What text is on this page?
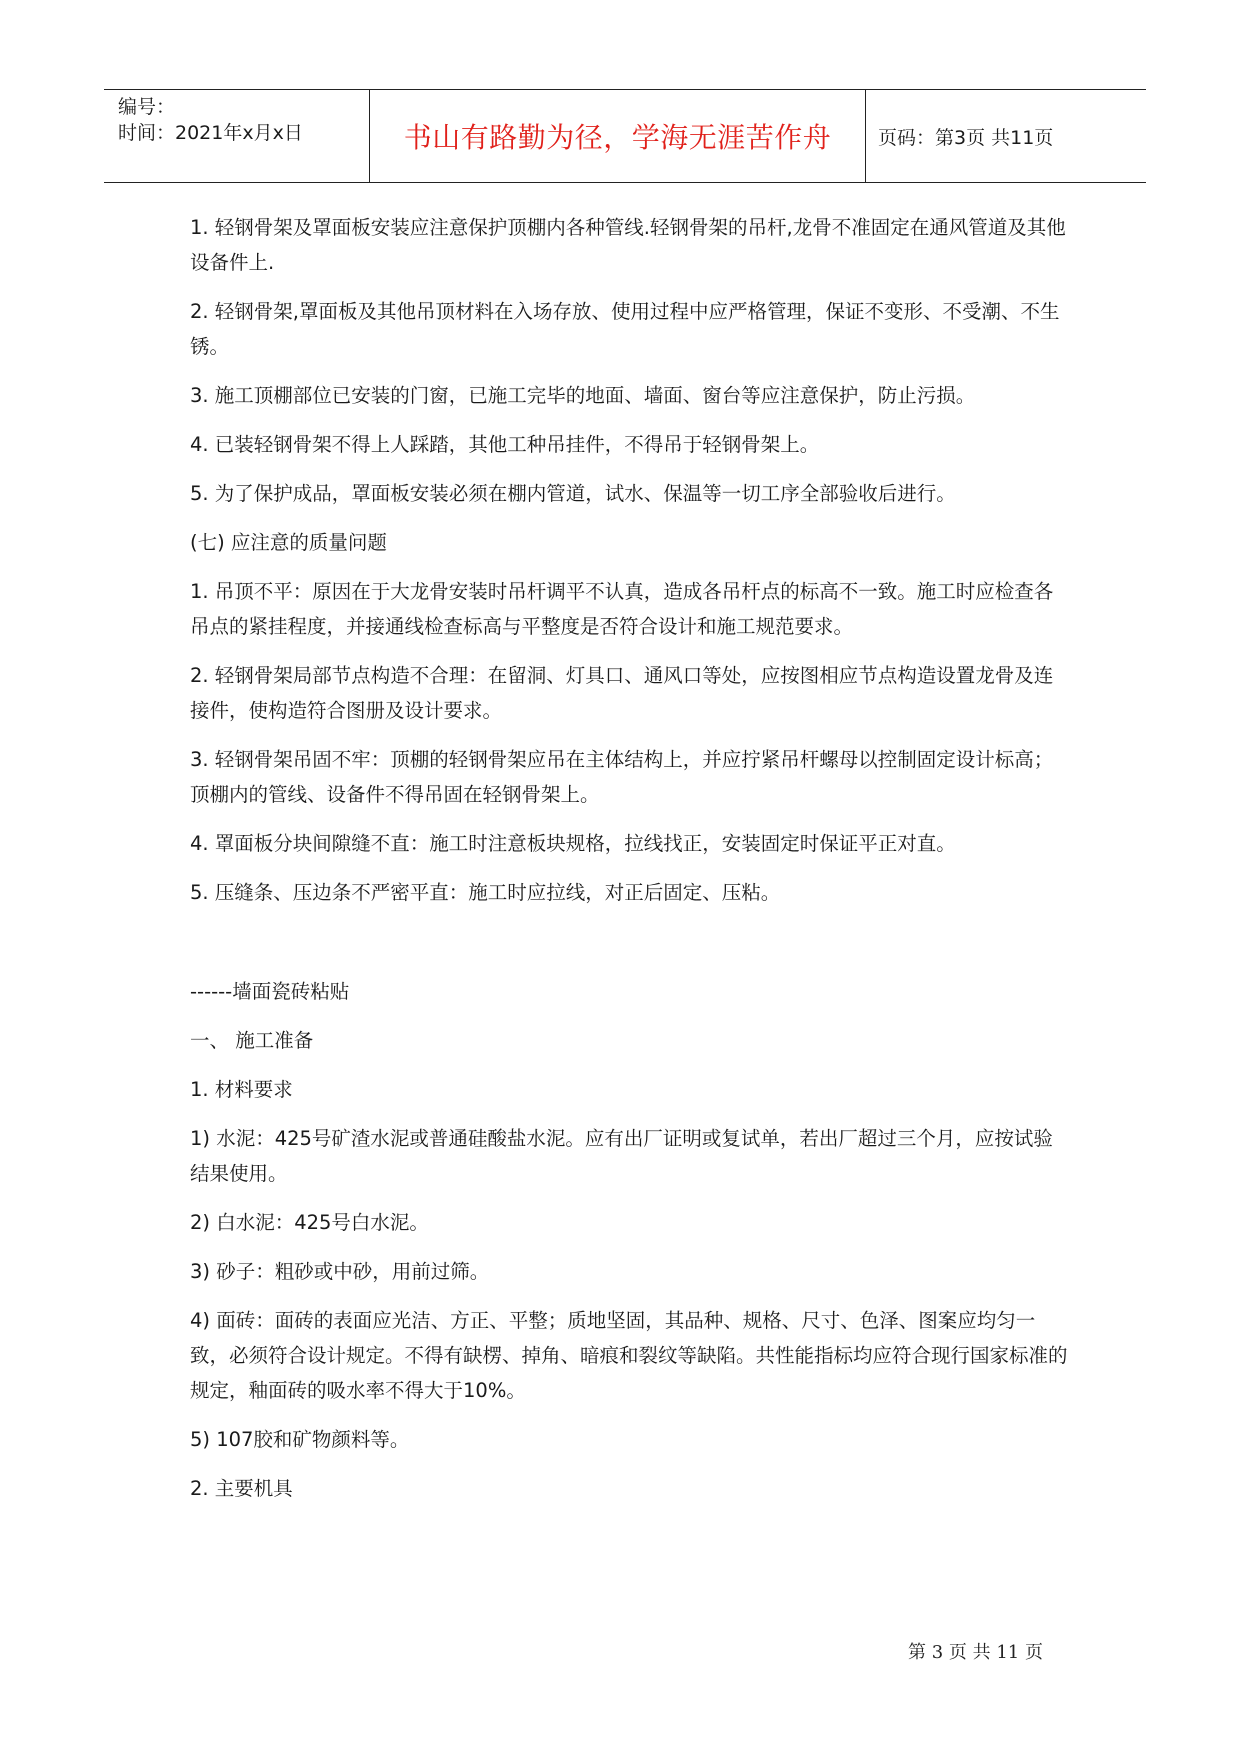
编号：
时间：2021年x月x日	书山有路勤为径，学海无涯苦作舟 页码：第3页 共11页

1. 轻钢骨架及罩面板安装应注意保护顶棚内各种管线.轻钢骨架的吊杆,龙骨不准固定在通风管道及其他设备件上.

2. 轻钢骨架,罩面板及其他吊顶材料在入场存放、使用过程中应严格管理，保证不变形、不受潮、不生锈。

3. 施工顶棚部位已安装的门窗，已施工完毕的地面、墙面、窗台等应注意保护，防止污损。

4. 已装轻钢骨架不得上人踩踏，其他工种吊挂件，不得吊于轻钢骨架上。

5. 为了保护成品，罩面板安装必须在棚内管道，试水、保温等一切工序全部验收后进行。

(七) 应注意的质量问题

1. 吊顶不平：原因在于大龙骨安装时吊杆调平不认真，造成各吊杆点的标高不一致。施工时应检查各吊点的紧挂程度，并接通线检查标高与平整度是否符合设计和施工规范要求。

2. 轻钢骨架局部节点构造不合理：在留洞、灯具口、通风口等处，应按图相应节点构造设置龙骨及连接件，使构造符合图册及设计要求。

3. 轻钢骨架吊固不牢：顶棚的轻钢骨架应吊在主体结构上，并应拧紧吊杆螺母以控制固定设计标高；顶棚内的管线、设备件不得吊固在轻钢骨架上。

4. 罩面板分块间隙缝不直：施工时注意板块规格，拉线找正，安装固定时保证平正对直。

5. 压缝条、压边条不严密平直：施工时应拉线，对正后固定、压粘。

------墙面瓷砖粘贴

一、 施工准备

1. 材料要求

1) 水泥：425号矿渣水泥或普通硅酸盐水泥。应有出厂证明或复试单，若出厂超过三个月，应按试验结果使用。

2) 白水泥：425号白水泥。

3) 砂子：粗砂或中砂，用前过筛。

4) 面砖：面砖的表面应光洁、方正、平整；质地坚固，其品种、规格、尺寸、色泽、图案应均匀一致，必须符合设计规定。不得有缺楞、掉角、暗痕和裂纹等缺陷。共性能指标均应符合现行国家标准的规定，釉面砖的吸水率不得大于10%。

5) 107胶和矿物颜料等。

2. 主要机具

第 3 页 共 11 页
